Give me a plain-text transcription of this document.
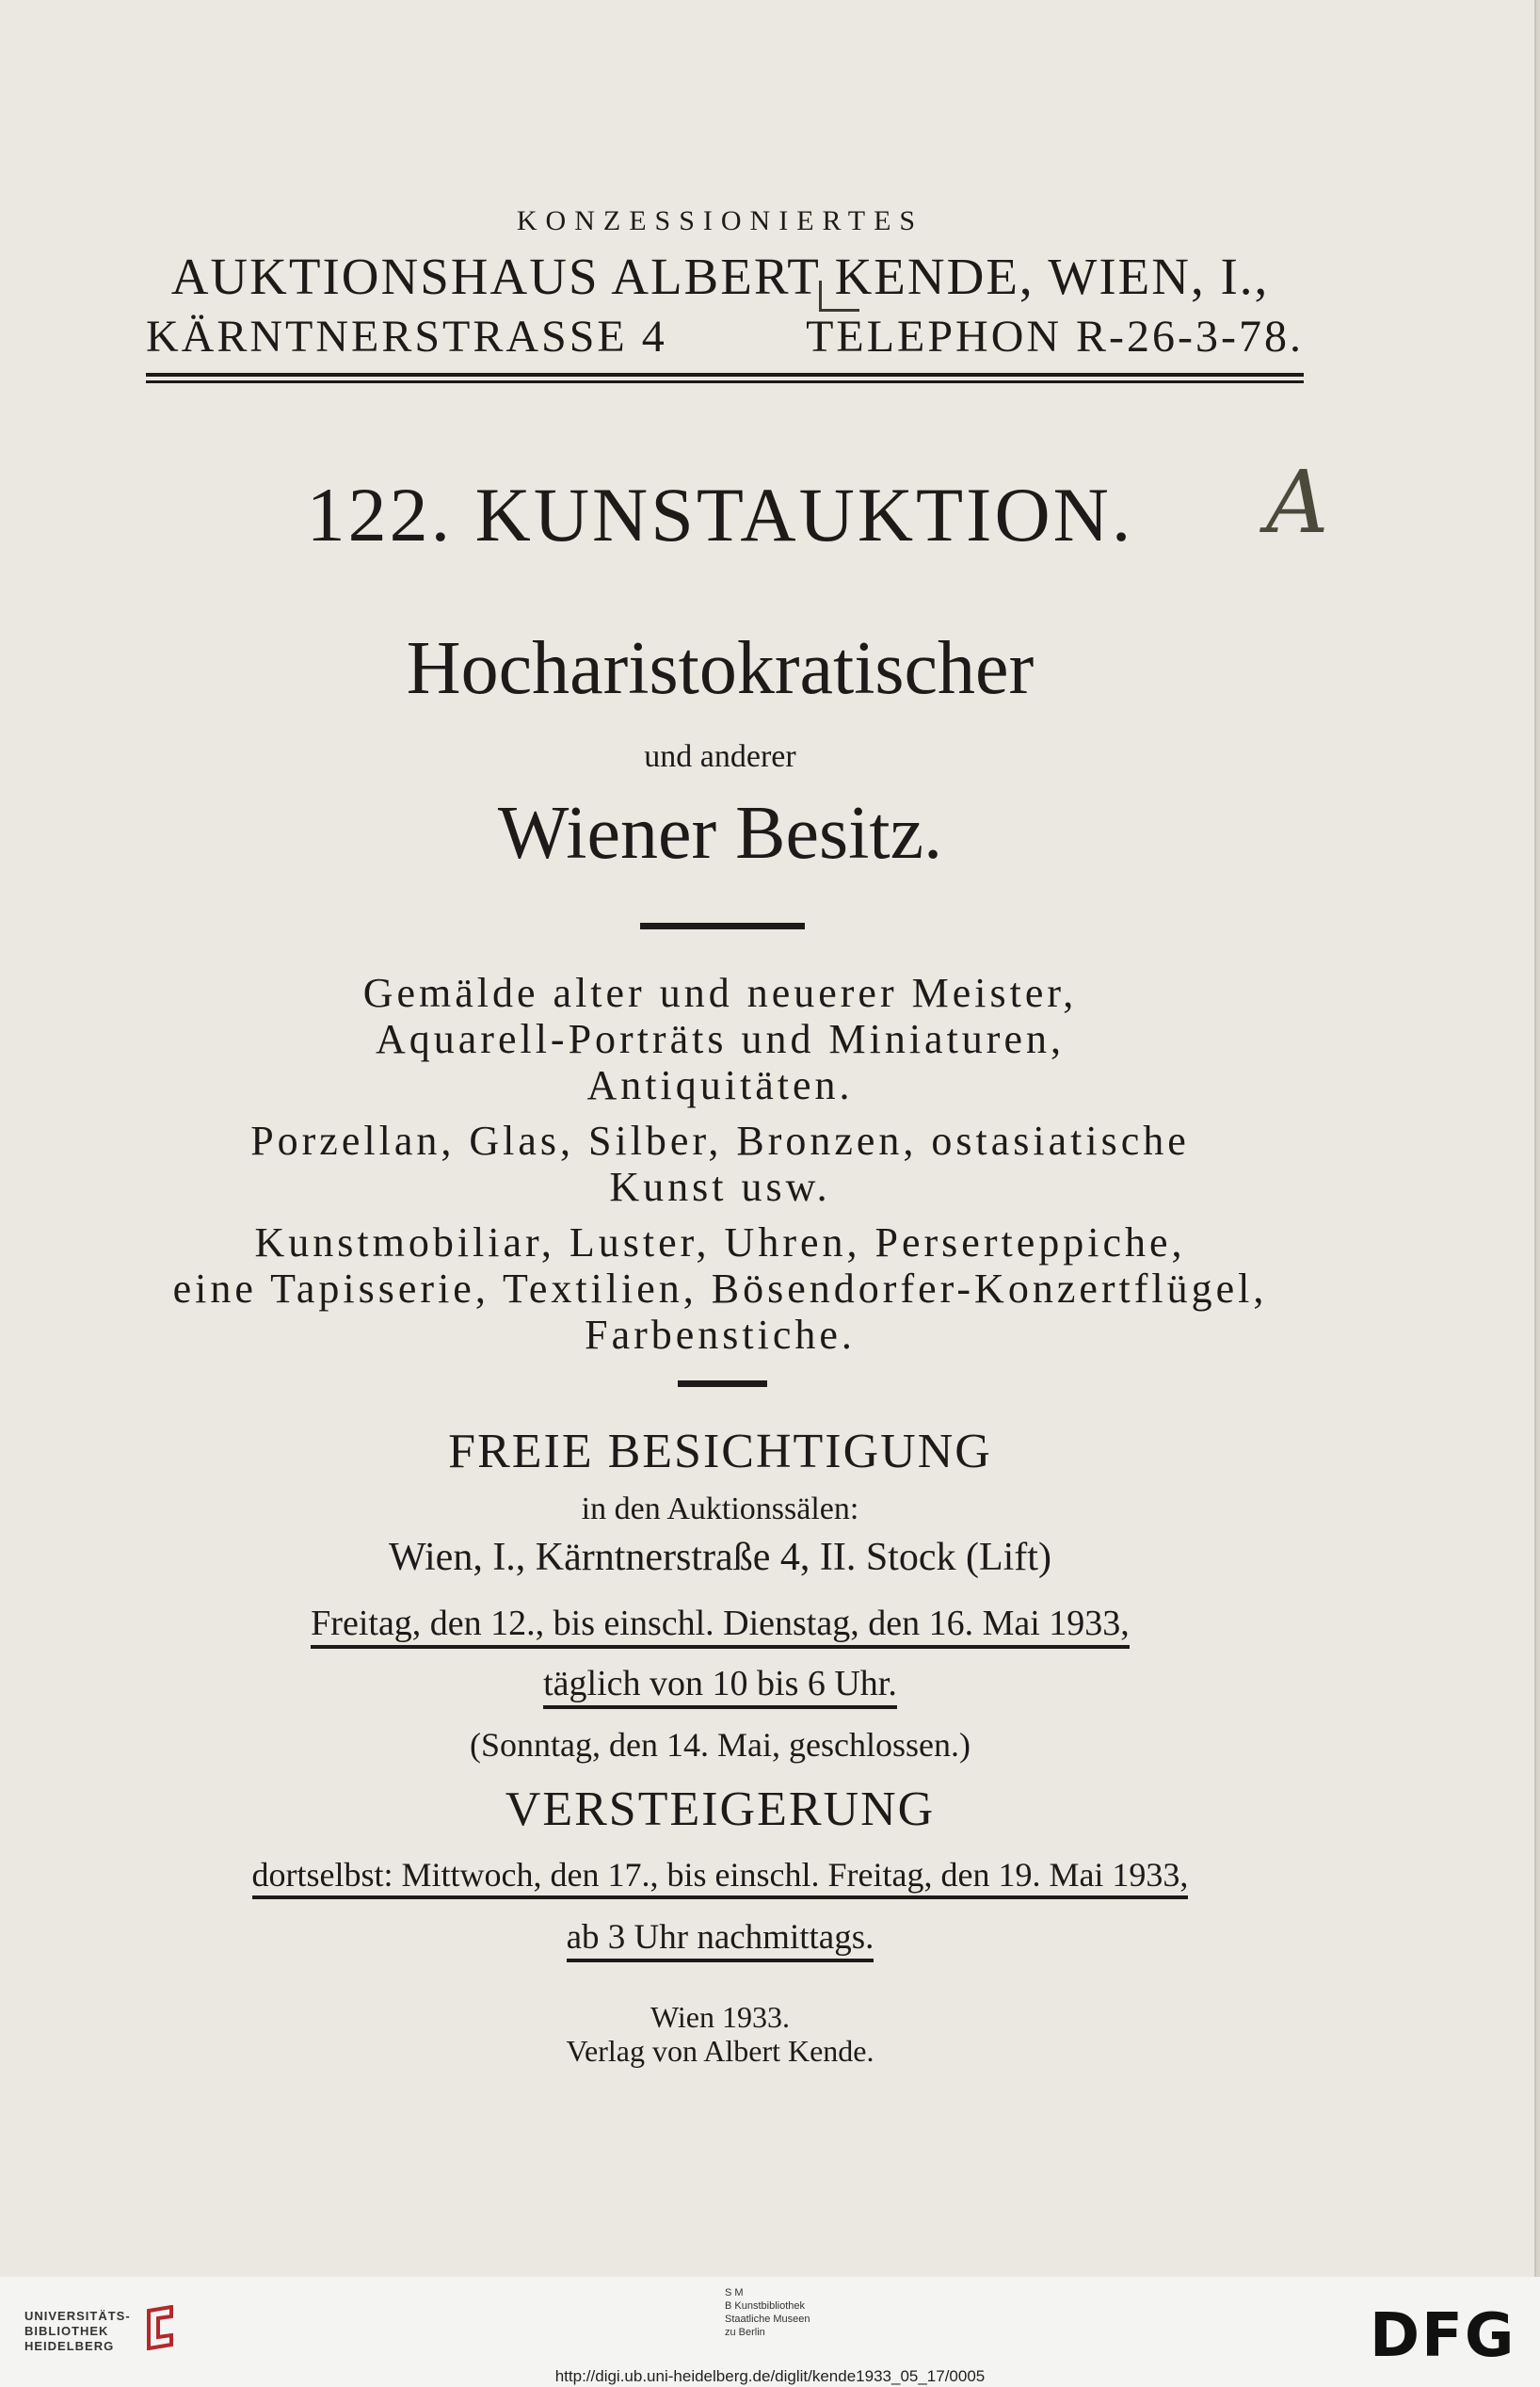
KONZESSIONIERTES
AUKTIONSHAUS ALBERT KENDE, WIEN, I.,
KÄRNTNERSTRASSE 4	TELEPHON R-26-3-78.
122. KUNSTAUKTION.	A
Hocharistokratischer
und anderer
Wiener Besitz.
Gemälde alter und neuerer Meister,
Aquarell-Porträts und Miniaturen,
Antiquitäten.
Porzellan, Glas, Silber, Bronzen, ostasiatische
Kunst usw.
Kunstmobiliar, Luster, Uhren, Perserteppiche,
eine Tapisserie, Textilien, Bösendorfer-Konzertflügel,
Farbenstiche.
FREIE BESICHTIGUNG
in den Auktionssälen:
Wien, I., Kärntnerstraße 4, II. Stock (Lift)
Freitag, den 12., bis einschl. Dienstag, den 16. Mai 1933,
täglich von 10 bis 6 Uhr.
(Sonntag, den 14. Mai, geschlossen.)
VERSTEIGERUNG
dortselbst: Mittwoch, den 17., bis einschl. Freitag, den 19. Mai 1933,
ab 3 Uhr nachmittags.
Wien 1933.
Verlag von Albert Kende.
UNIVERSITÄTS-
BIBLIOTHEK
HEIDELBERG
S M
B Kunstbibliothek
Staatliche Museen
zu Berlin	DFG
http://digi.ub.uni-heidelberg.de/diglit/kende1933_05_17/0005
